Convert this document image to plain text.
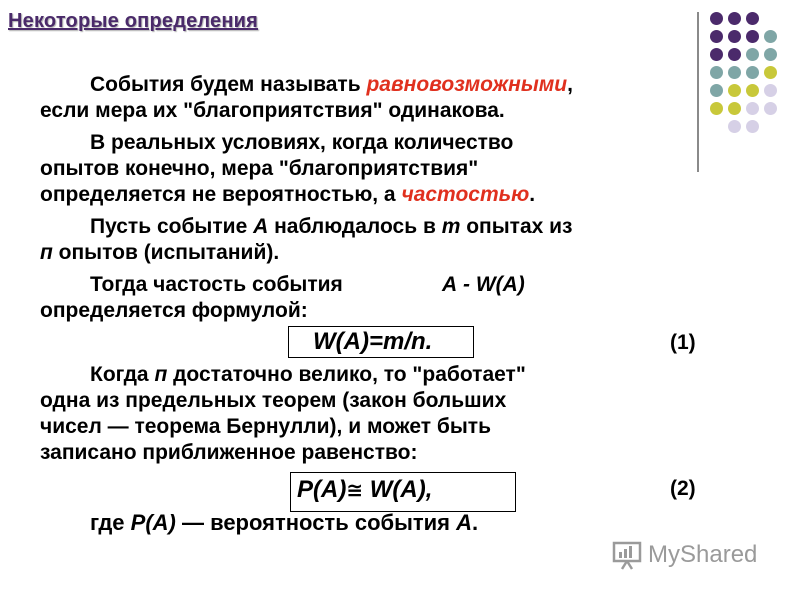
Некоторые определения
События будем называть равновозможными,
если мера их "благоприятствия" одинакова.
В реальных условиях, когда количество
опытов конечно, мера "благоприятствия"
определяется не вероятностью, а частостью.
Пусть событие А наблюдалось в т опытах из
п опытов (испытаний).
Тогда частость события	А - W(A)
определяется формулой:
W(A)=m/n.	(1)
Когда п достаточно велико, то "работает"
одна из предельных теорем (закон больших
чисел — теорема Бернулли), и может быть
записано приближенное равенство:
Р(А)≅ W(A),	(2)
где Р(А) — вероятность события А.
MyShared
